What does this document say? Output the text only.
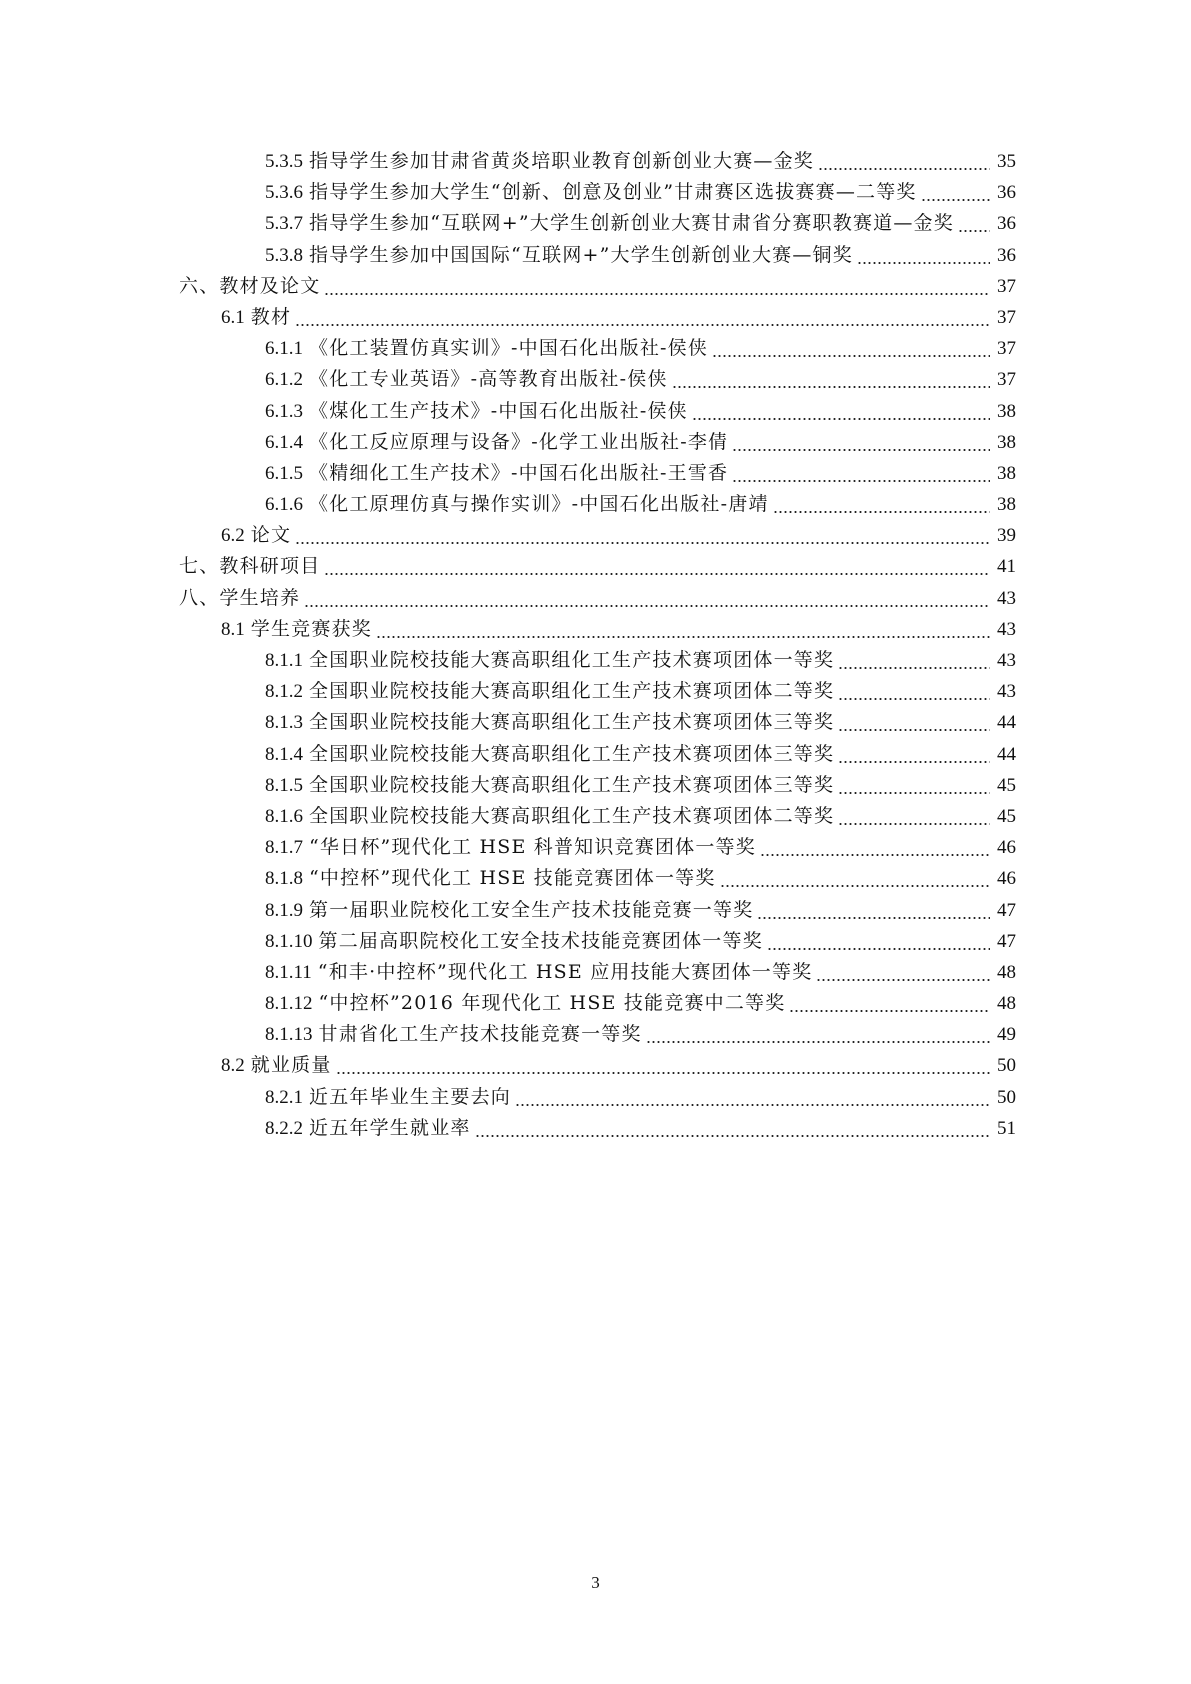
5.3.5 指导学生参加甘肃省黄炎培职业教育创新创业大赛—金奖	35
5.3.6 指导学生参加大学生“创新、创意及创业”甘肃赛区选拔赛赛—二等奖	36
5.3.7 指导学生参加“互联网+”大学生创新创业大赛甘肃省分赛职教赛道—金奖 36
5.3.8 指导学生参加中国国际“互联网+”大学生创新创业大赛—铜奖	36
六、教材及论文	37
6.1 教材	37
6.1.1 《化工装置仿真实训》-中国石化出版社-侯侠	37
6.1.2 《化工专业英语》-高等教育出版社-侯侠	37
6.1.3 《煤化工生产技术》-中国石化出版社-侯侠	38
6.1.4 《化工反应原理与设备》-化学工业出版社-李倩	38
6.1.5 《精细化工生产技术》-中国石化出版社-王雪香	38
6.1.6 《化工原理仿真与操作实训》-中国石化出版社-唐靖	38
6.2 论文	39
七、教科研项目	41
八、学生培养	43
8.1 学生竞赛获奖	43
8.1.1 全国职业院校技能大赛高职组化工生产技术赛项团体一等奖	43
8.1.2 全国职业院校技能大赛高职组化工生产技术赛项团体二等奖	43
8.1.3 全国职业院校技能大赛高职组化工生产技术赛项团体三等奖	44
8.1.4 全国职业院校技能大赛高职组化工生产技术赛项团体三等奖	44
8.1.5 全国职业院校技能大赛高职组化工生产技术赛项团体三等奖	45
8.1.6 全国职业院校技能大赛高职组化工生产技术赛项团体二等奖	45
8.1.7 “华日杯”现代化工 HSE 科普知识竞赛团体一等奖	46
8.1.8 “中控杯”现代化工 HSE 技能竞赛团体一等奖	46
8.1.9 第一届职业院校化工安全生产技术技能竞赛一等奖	47
8.1.10 第二届高职院校化工安全技术技能竞赛团体一等奖	47
8.1.11 “和丰·中控杯”现代化工 HSE 应用技能大赛团体一等奖	48
8.1.12 “中控杯”2016 年现代化工 HSE 技能竞赛中二等奖	48
8.1.13 甘肃省化工生产技术技能竞赛一等奖	49
8.2 就业质量	50
8.2.1 近五年毕业生主要去向	50
8.2.2 近五年学生就业率	51
3
